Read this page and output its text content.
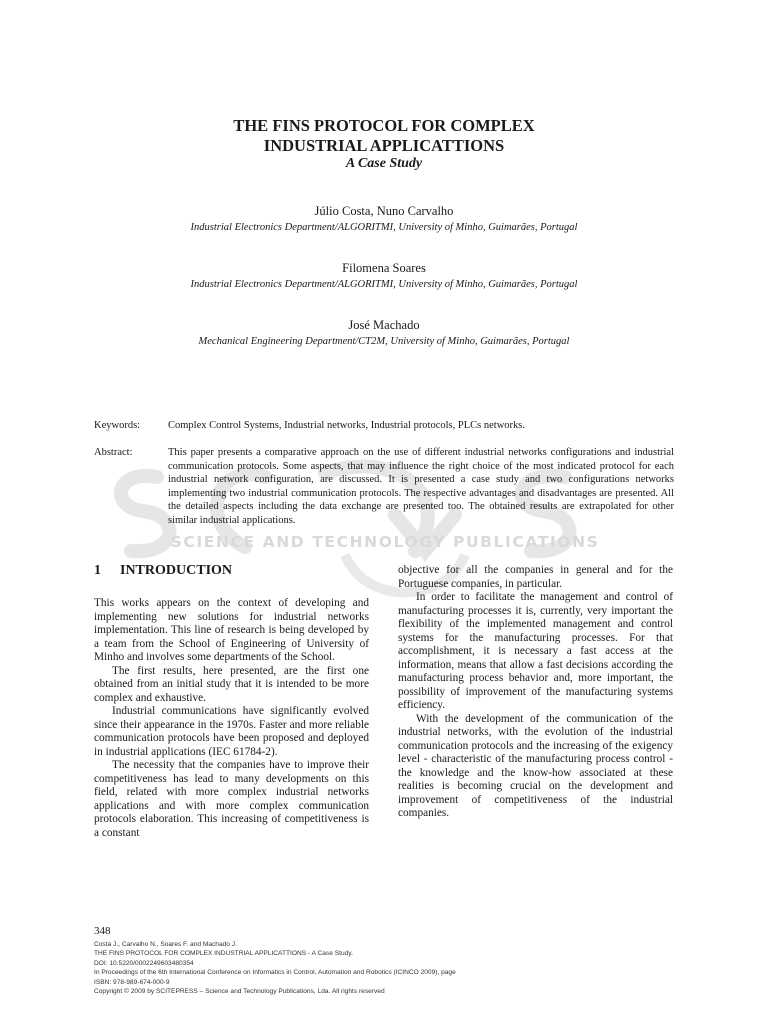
SCIENCE AND TECHNOLOGY PUBLICATIONS
THE FINS PROTOCOL FOR COMPLEX
INDUSTRIAL APPLICATTIONS
A Case Study
Júlio Costa, Nuno Carvalho
Industrial Electronics Department/ALGORITMI, University of Minho, Guimarães, Portugal
Filomena Soares
Industrial Electronics Department/ALGORITMI, University of Minho, Guimarães, Portugal
José Machado
Mechanical Engineering Department/CT2M, University of Minho, Guimarães, Portugal
Keywords:	Complex Control Systems, Industrial networks, Industrial protocols, PLCs networks.
Abstract:	This paper presents a comparative approach on the use of different industrial networks configurations and industrial communication protocols. Some aspects, that may influence the right choice of the most indicated protocol for each industrial network configuration, are discussed. It is presented a case study and two configurations networks implementing two industrial communication protocols. The respective advantages and disadvantages are presented. All the detailed aspects including the data exchange are presented too. The obtained results are extrapolated for other similar industrial applications.
1 INTRODUCTION

This works appears on the context of developing and implementing new solutions for industrial networks implementation. This line of research is being developed by a team from the School of Engineering of University of Minho and involves some departments of the School.

The first results, here presented, are the first one obtained from an initial study that it is intended to be more complex and exhaustive.

Industrial communications have significantly evolved since their appearance in the 1970s. Faster and more reliable communication protocols have been proposed and deployed in industrial applications (IEC 61784-2).

The necessity that the companies have to improve their competitiveness has lead to many developments on this field, related with more complex industrial networks applications and with more complex communication protocols elaboration. This increasing of competitiveness is a constant

objective for all the companies in general and for the Portuguese companies, in particular.

In order to facilitate the management and control of manufacturing processes it is, currently, very important the flexibility of the implemented management and control systems for the manufacturing processes. For that accomplishment, it is necessary a fast access at the information, means that allow a fast decisions according the manufacturing process behavior and, more important, the possibility of improvement of the manufacturing systems efficiency.

With the development of the communication of the industrial networks, with the evolution of the industrial communication protocols and the increasing of the exigency level - characteristic of the manufacturing process control - the knowledge and the know-how associated at these realities is becoming crucial on the development and improvement of competitiveness of the industrial companies.

348
Costa J., Carvalho N., Soares F. and Machado J.
THE FINS PROTOCOL FOR COMPLEX INDUSTRIAL APPLICATTIONS - A Case Study.
DOI: 10.5220/0002249603480354
In Proceedings of the 6th International Conference on Informatics in Control, Automation and Robotics (ICINCO 2009), page
ISBN: 978-989-674-000-9
Copyright © 2009 by SCITEPRESS – Science and Technology Publications, Lda. All rights reserved
